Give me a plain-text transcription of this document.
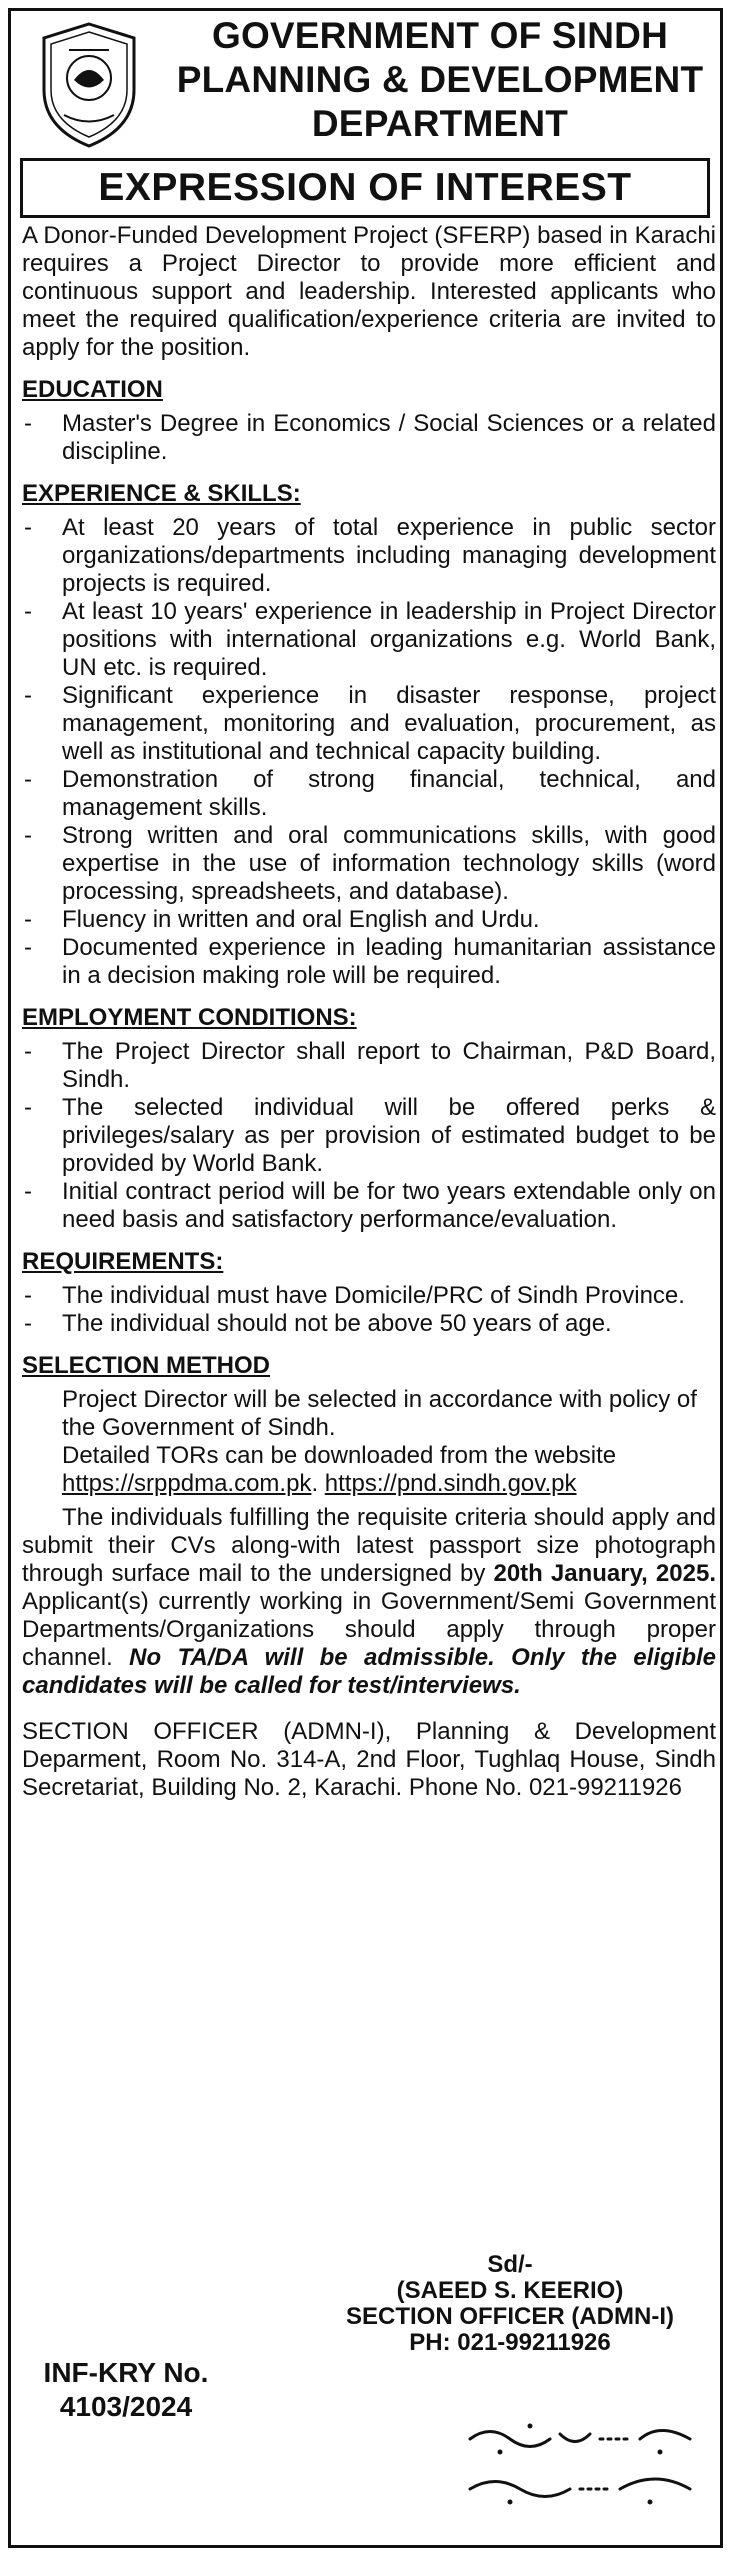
GOVERNMENT OF SINDH
PLANNING & DEVELOPMENT
DEPARTMENT
EXPRESSION OF INTEREST

A Donor-Funded Development Project (SFERP) based in Karachi requires a Project Director to provide more efficient and continuous support and leadership. Interested applicants who meet the required qualification/experience criteria are invited to apply for the position.

EDUCATION
- Master's Degree in Economics / Social Sciences or a related discipline.
EXPERIENCE & SKILLS:
- At least 20 years of total experience in public sector organizations/departments including managing development projects is required.
- At least 10 years' experience in leadership in Project Director positions with international organizations e.g. World Bank, UN etc. is required.
- Significant experience in disaster response, project management, monitoring and evaluation, procurement, as well as institutional and technical capacity building.
- Demonstration of strong financial, technical, and management skills.
- Strong written and oral communications skills, with good expertise in the use of information technology skills (word processing, spreadsheets, and database).
- Fluency in written and oral English and Urdu.
- Documented experience in leading humanitarian assistance in a decision making role will be required.
EMPLOYMENT CONDITIONS:
- The Project Director shall report to Chairman, P&D Board, Sindh.
- The selected individual will be offered perks & privileges/salary as per provision of estimated budget to be provided by World Bank.
- Initial contract period will be for two years extendable only on need basis and satisfactory performance/evaluation.
REQUIREMENTS:
- The individual must have Domicile/PRC of Sindh Province.
- The individual should not be above 50 years of age.
SELECTION METHOD

Project Director will be selected in accordance with policy of the Government of Sindh.

Detailed TORs can be downloaded from the website https://srppdma.com.pk. https://pnd.sindh.gov.pk

The individuals fulfilling the requisite criteria should apply and submit their CVs along-with latest passport size photograph through surface mail to the undersigned by 20th January, 2025. Applicant(s) currently working in Government/Semi Government Departments/Organizations should apply through proper channel. No TA/DA will be admissible. Only the eligible candidates will be called for test/interviews.

SECTION OFFICER (ADMN-I), Planning & Development Deparment, Room No. 314-A, 2nd Floor, Tughlaq House, Sindh Secretariat, Building No. 2, Karachi. Phone No. 021-99211926

Sd/-
(SAEED S. KEERIO)
SECTION OFFICER (ADMN-I)
PH: 021-99211926
INF-KRY No.
4103/2024
